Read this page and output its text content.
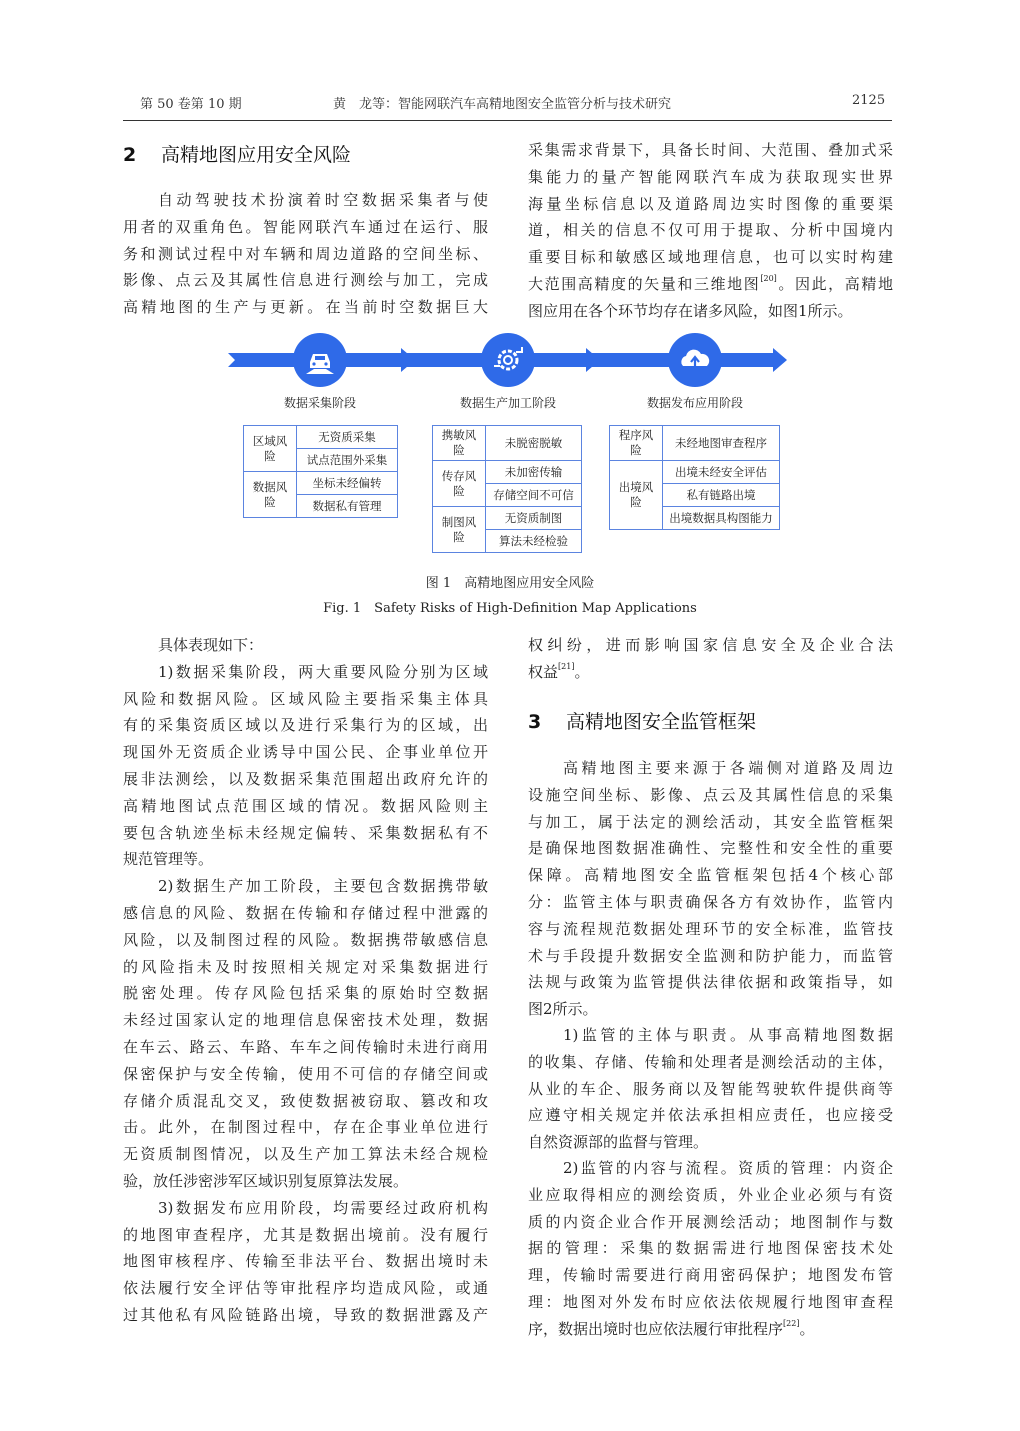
第 50 卷第 10 期	黄　龙等：智能网联汽车高精地图安全监管分析与技术研究	2125
2 高精地图应用安全风险
自动驾驶技术扮演着时空数据采集者与使
用者的双重角色。智能网联汽车通过在运行、服
务和测试过程中对车辆和周边道路的空间坐标、
影像、点云及其属性信息进行测绘与加工，完成
高精地图的生产与更新。在当前时空数据巨大
采集需求背景下，具备长时间、大范围、叠加式采
集能力的量产智能网联汽车成为获取现实世界
海量坐标信息以及道路周边实时图像的重要渠
道，相关的信息不仅可用于提取、分析中国境内
重要目标和敏感区域地理信息，也可以实时构建
大范围高精度的矢量和三维地图[20]。因此，高精地
图应用在各个环节均存在诸多风险，如图1所示。
数据采集阶段	数据生产加工阶段	数据发布应用阶段
区域风险	无资质采集
	试点范围外采集
数据风险	坐标未经偏转
	数据私有管理
携敏风险	未脱密脱敏
传存风险	未加密传输
	存储空间不可信
制图风险	无资质制图
	算法未经检验
程序风险	未经地图审查程序
出境风险	出境未经安全评估
	私有链路出境
	出境数据具构图能力
图 1　高精地图应用安全风险
Fig. 1　Safety Risks of High-Definition Map Applications
具体表现如下：
1)数据采集阶段，两大重要风险分别为区域
风险和数据风险。区域风险主要指采集主体具
有的采集资质区域以及进行采集行为的区域，出
现国外无资质企业诱导中国公民、企事业单位开
展非法测绘，以及数据采集范围超出政府允许的
高精地图试点范围区域的情况。数据风险则主
要包含轨迹坐标未经规定偏转、采集数据私有不
规范管理等。
2)数据生产加工阶段，主要包含数据携带敏
感信息的风险、数据在传输和存储过程中泄露的
风险，以及制图过程的风险。数据携带敏感信息
的风险指未及时按照相关规定对采集数据进行
脱密处理。传存风险包括采集的原始时空数据
未经过国家认定的地理信息保密技术处理，数据
在车云、路云、车路、车车之间传输时未进行商用
保密保护与安全传输，使用不可信的存储空间或
存储介质混乱交叉，致使数据被窃取、篡改和攻
击。此外，在制图过程中，存在企事业单位进行
无资质制图情况，以及生产加工算法未经合规检
验，放任涉密涉军区域识别复原算法发展。
3)数据发布应用阶段，均需要经过政府机构
的地图审查程序，尤其是数据出境前。没有履行
地图审核程序、传输至非法平台、数据出境时未
依法履行安全评估等审批程序均造成风险，或通
过其他私有风险链路出境，导致的数据泄露及产
权纠纷，进而影响国家信息安全及企业合法
权益[21]。
3 高精地图安全监管框架
高精地图主要来源于各端侧对道路及周边
设施空间坐标、影像、点云及其属性信息的采集
与加工，属于法定的测绘活动，其安全监管框架
是确保地图数据准确性、完整性和安全性的重要
保障。高精地图安全监管框架包括4个核心部
分：监管主体与职责确保各方有效协作，监管内
容与流程规范数据处理环节的安全标准，监管技
术与手段提升数据安全监测和防护能力，而监管
法规与政策为监管提供法律依据和政策指导，如
图2所示。
1)监管的主体与职责。从事高精地图数据
的收集、存储、传输和处理者是测绘活动的主体，
从业的车企、服务商以及智能驾驶软件提供商等
应遵守相关规定并依法承担相应责任，也应接受
自然资源部的监督与管理。
2)监管的内容与流程。资质的管理：内资企
业应取得相应的测绘资质，外业企业必须与有资
质的内资企业合作开展测绘活动；地图制作与数
据的管理：采集的数据需进行地图保密技术处
理，传输时需要进行商用密码保护；地图发布管
理：地图对外发布时应依法依规履行地图审查程
序，数据出境时也应依法履行审批程序[22]。
